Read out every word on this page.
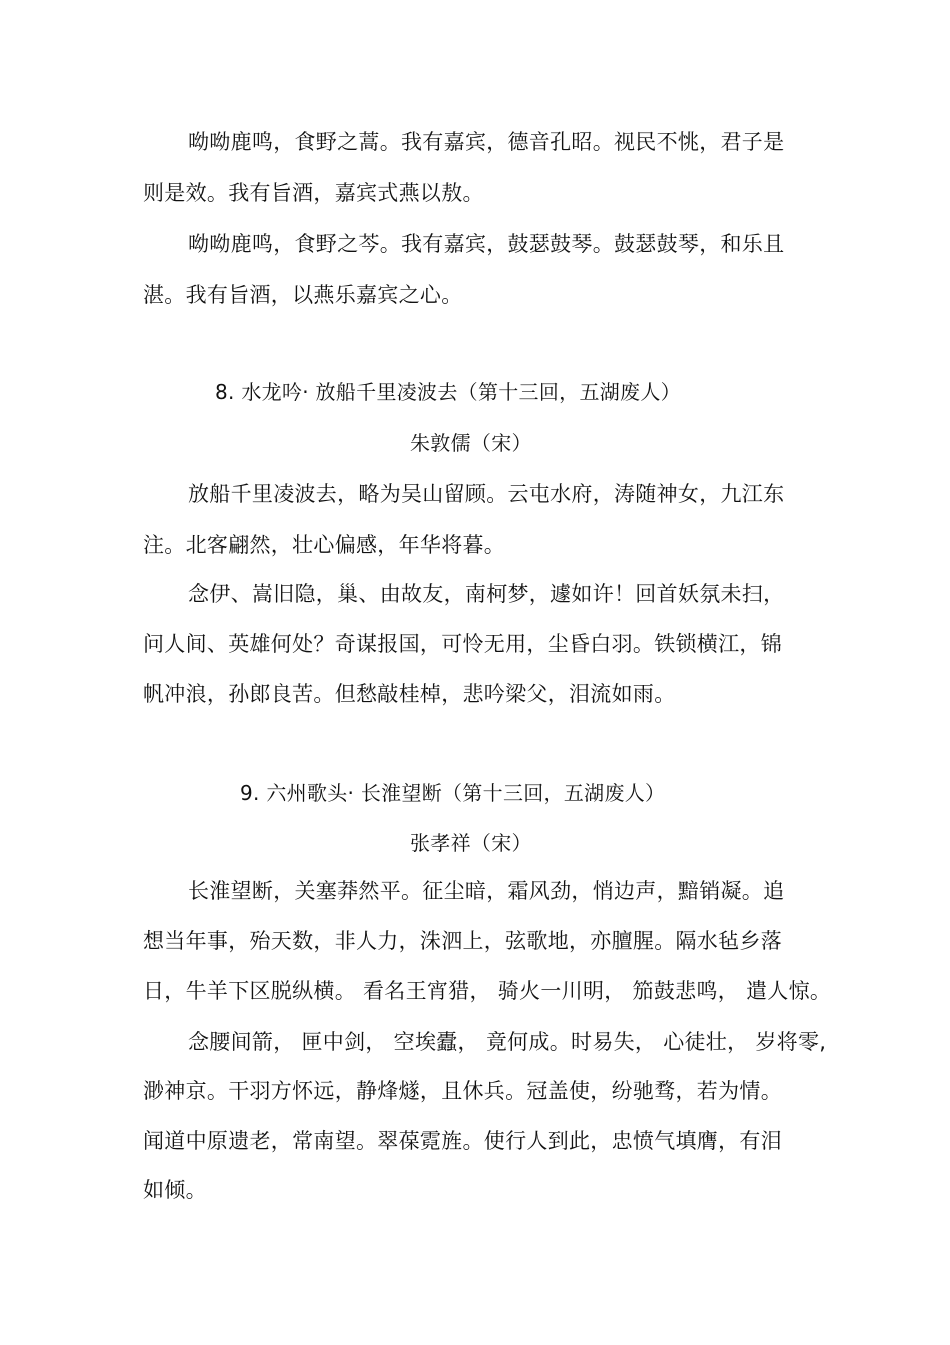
呦呦鹿鸣，食野之蒿。我有嘉宾，德音孔昭。视民不恌，君子是
则是效。我有旨酒，嘉宾式燕以敖。
呦呦鹿鸣，食野之芩。我有嘉宾，鼓瑟鼓琴。鼓瑟鼓琴，和乐且
湛。我有旨酒，以燕乐嘉宾之心。
8. 水龙吟· 放船千里凌波去（第十三回，五湖废人）
朱敦儒（宋）
放船千里凌波去，略为吴山留顾。云屯水府，涛随神女，九江东
注。北客翩然，壮心偏感，年华将暮。
念伊、嵩旧隐，巢、由故友，南柯梦，遽如许！回首妖氛未扫，
问人间、英雄何处？奇谋报国，可怜无用，尘昏白羽。铁锁横江，锦
帆冲浪，孙郎良苦。但愁敲桂棹，悲吟梁父，泪流如雨。
9. 六州歌头· 长淮望断（第十三回，五湖废人）
张孝祥（宋）
长淮望断，关塞莽然平。征尘暗，霜风劲，悄边声，黯销凝。追
想当年事，殆天数，非人力，洙泗上，弦歌地，亦膻腥。隔水毡乡落
日，牛羊下区脱纵横。 看名王宵猎， 骑火一川明， 笳鼓悲鸣， 遣人惊。
念腰间箭， 匣中剑， 空埃蠹， 竟何成。时易失， 心徒壮， 岁将零,
渺神京。干羽方怀远，静烽燧，且休兵。冠盖使，纷驰骛，若为情。
闻道中原遗老，常南望。翠葆霓旌。使行人到此，忠愤气填膺，有泪
如倾。
